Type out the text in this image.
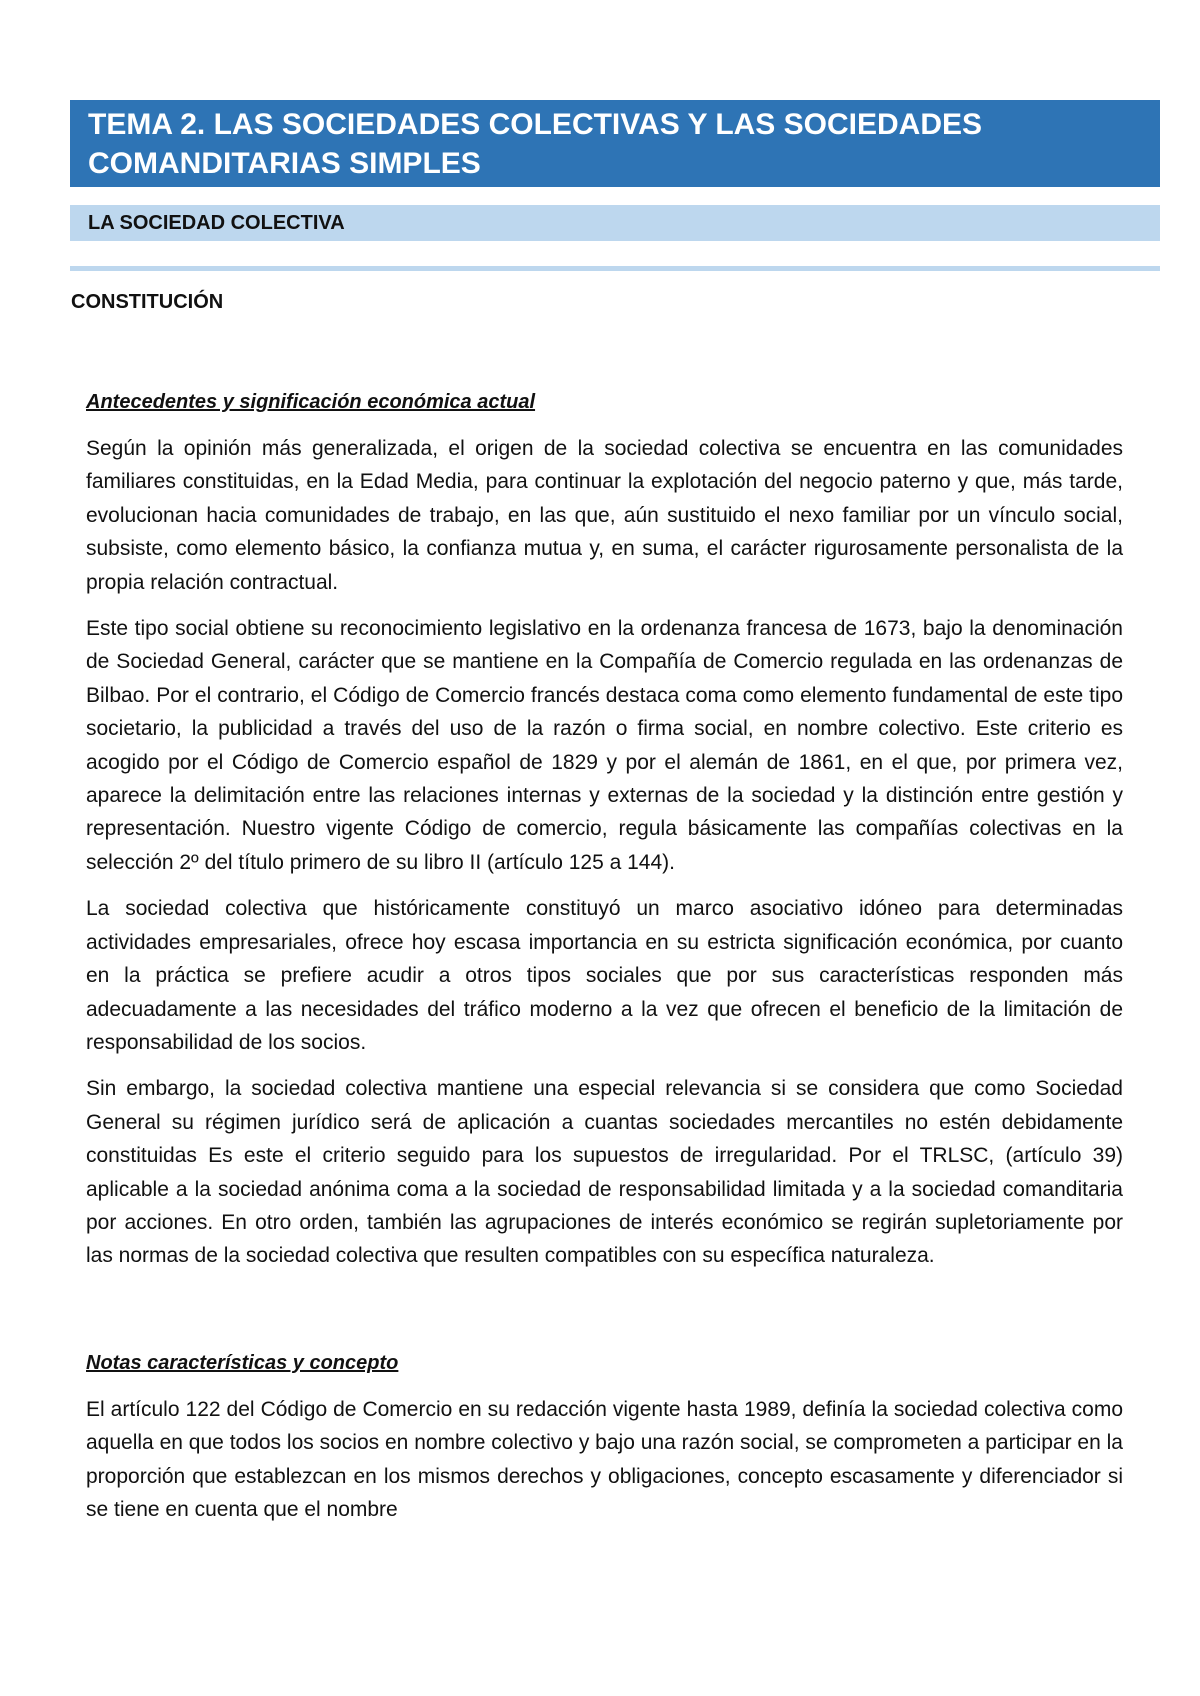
TEMA 2. LAS SOCIEDADES COLECTIVAS Y LAS SOCIEDADES COMANDITARIAS SIMPLES
LA SOCIEDAD COLECTIVA
CONSTITUCIÓN
Antecedentes y significación económica actual

Según la opinión más generalizada, el origen de la sociedad colectiva se encuentra en las comunidades familiares constituidas, en la Edad Media, para continuar la explotación del negocio paterno y que, más tarde, evolucionan hacia comunidades de trabajo, en las que, aún sustituido el nexo familiar por un vínculo social, subsiste, como elemento básico, la confianza mutua y, en suma, el carácter rigurosamente personalista de la propia relación contractual.

Este tipo social obtiene su reconocimiento legislativo en la ordenanza francesa de 1673, bajo la denominación de Sociedad General, carácter que se mantiene en la Compañía de Comercio regulada en las ordenanzas de Bilbao. Por el contrario, el Código de Comercio francés destaca coma como elemento fundamental de este tipo societario, la publicidad a través del uso de la razón o firma social, en nombre colectivo. Este criterio es acogido por el Código de Comercio español de 1829 y por el alemán de 1861, en el que, por primera vez, aparece la delimitación entre las relaciones internas y externas de la sociedad y la distinción entre gestión y representación. Nuestro vigente Código de comercio, regula básicamente las compañías colectivas en la selección 2º del título primero de su libro II (artículo 125 a 144).

La sociedad colectiva que históricamente constituyó un marco asociativo idóneo para determinadas actividades empresariales, ofrece hoy escasa importancia en su estricta significación económica, por cuanto en la práctica se prefiere acudir a otros tipos sociales que por sus características responden más adecuadamente a las necesidades del tráfico moderno a la vez que ofrecen el beneficio de la limitación de responsabilidad de los socios.

Sin embargo, la sociedad colectiva mantiene una especial relevancia si se considera que como Sociedad General su régimen jurídico será de aplicación a cuantas sociedades mercantiles no estén debidamente constituidas Es este el criterio seguido para los supuestos de irregularidad. Por el TRLSC, (artículo 39) aplicable a la sociedad anónima coma a la sociedad de responsabilidad limitada y a la sociedad comanditaria por acciones. En otro orden, también las agrupaciones de interés económico se regirán supletoriamente por las normas de la sociedad colectiva que resulten compatibles con su específica naturaleza.

Notas características y concepto

El artículo 122 del Código de Comercio en su redacción vigente hasta 1989, definía la sociedad colectiva como aquella en que todos los socios en nombre colectivo y bajo una razón social, se comprometen a participar en la proporción que establezcan en los mismos derechos y obligaciones, concepto escasamente y diferenciador si se tiene en cuenta que el nombre
